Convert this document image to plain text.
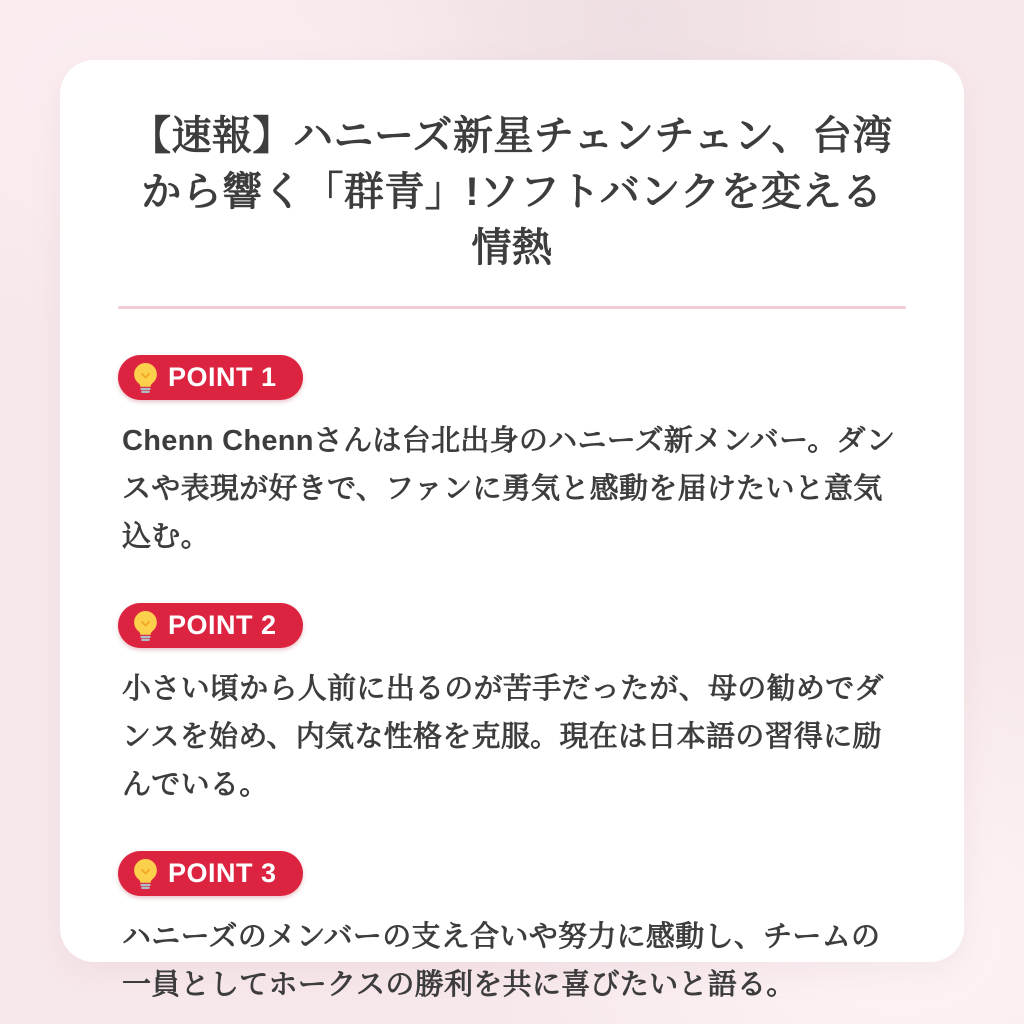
【速報】ハニーズ新星チェンチェン、台湾から響く「群青」!ソフトバンクを変える情熱
POINT 1

Chenn Chennさんは台北出身のハニーズ新メンバー。ダンスや表現が好きで、ファンに勇気と感動を届けたいと意気込む。

POINT 2

小さい頃から人前に出るのが苦手だったが、母の勧めでダンスを始め、内気な性格を克服。現在は日本語の習得に励んでいる。

POINT 3

ハニーズのメンバーの支え合いや努力に感動し、チームの一員としてホークスの勝利を共に喜びたいと語る。
